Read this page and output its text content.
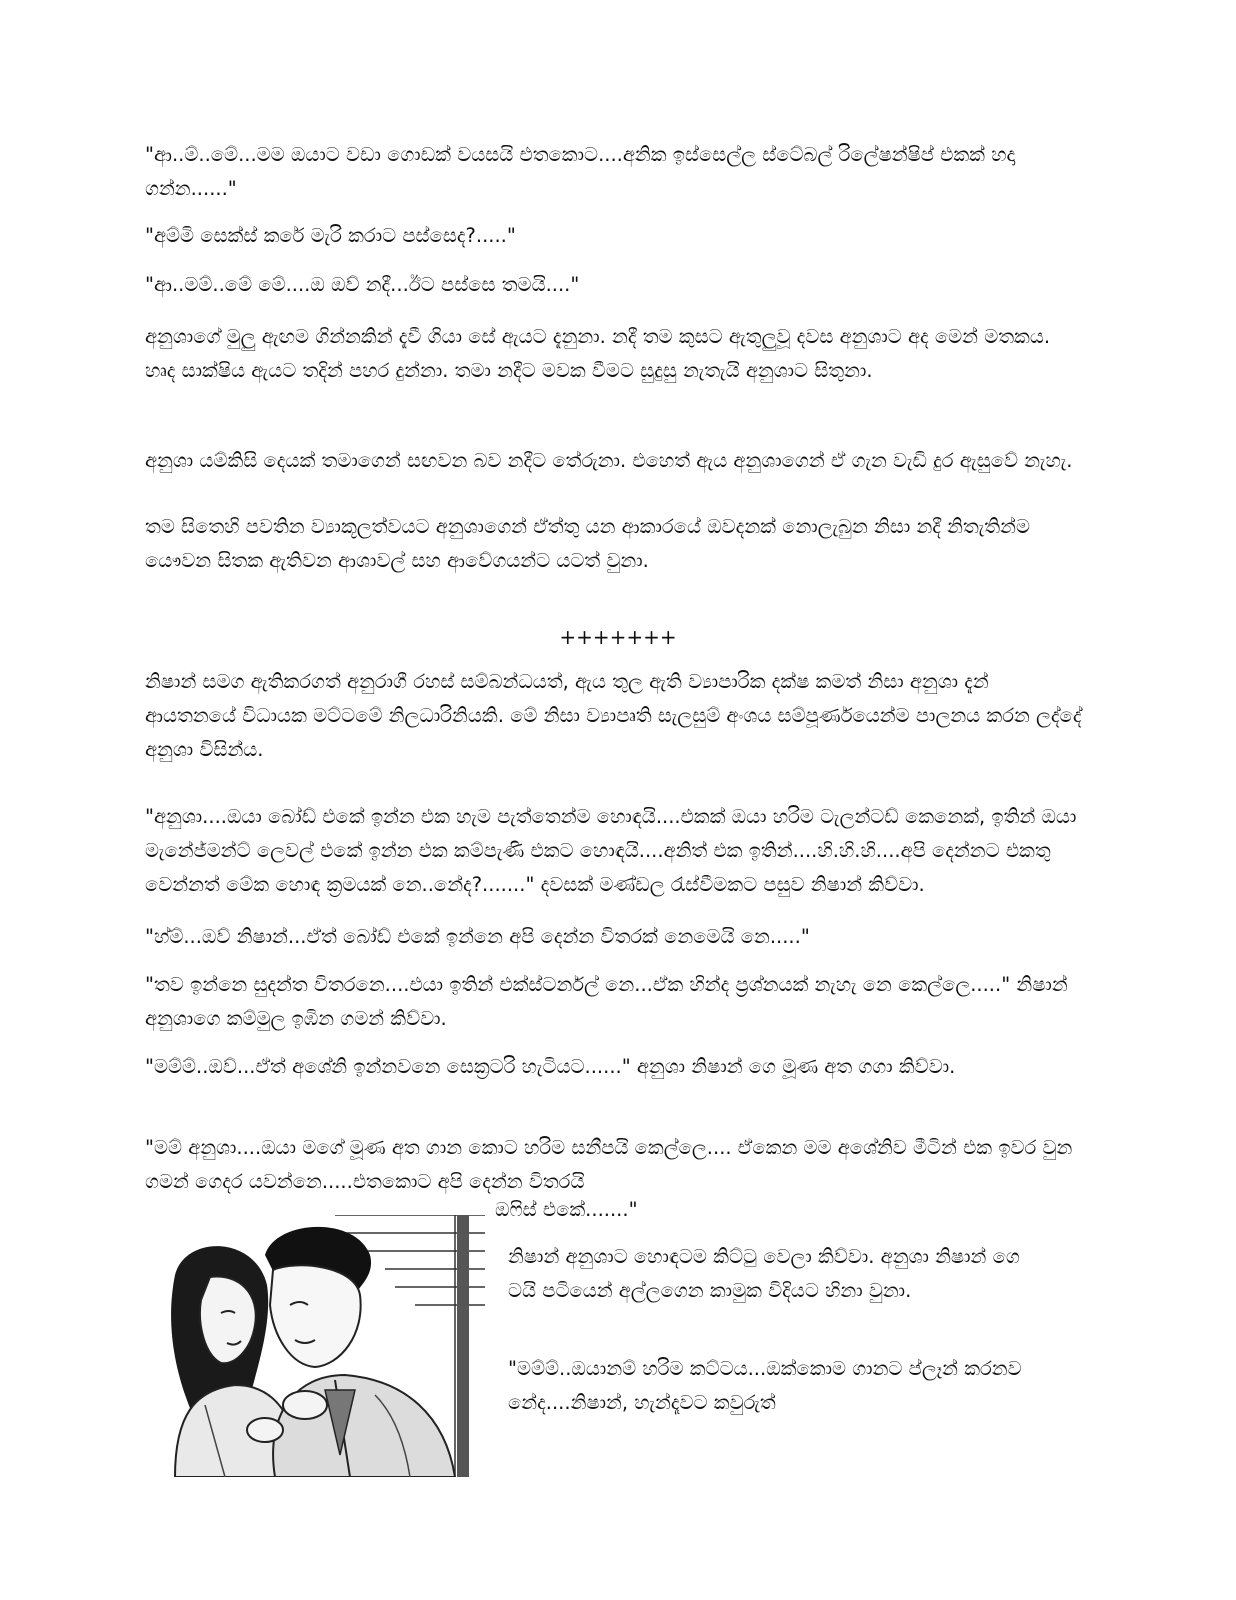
"ආ..ම්..මේ...මම ඔයාට වඩා ගොඩක් වයසයි එතකොට....අනික ඉස්සෙල්ල ස්ටේබල් රිලේෂන්ෂිප් එකක් හදා ගන්න......"

"අම්මි සෙක්ස් කරේ මැරි කරාට පස්සෙද?....."

"ආ..මම්..මේ මේ....ඔ ඔව් නදී...ඊට පස්සෙ තමයි...."

අනුශාගේ මුලු ඇඟම ගින්නකින් දැවී ගියා සේ ඇයට දැනුනා. නදී තම කුසට ඇතුලුවූ දවස අනුශාට අද මෙන් මතකය. හෘද සාක්ෂිය ඇයට තදින් පහර දුන්නා. තමා නදීට මවක වීමට සුදුසු නැතැයි අනුශාට සිතුනා.

අනුශා යම්කිසි දෙයක් තමාගෙන් සඟවන බව නදීට තේරුනා. එහෙත් ඇය අනුශාගෙන් ඒ ගැන වැඩි දුර ඇසුවේ නැහැ.

තම සිතෙහි පවතින ව්‍යාකූලත්වයට අනුශාගෙන් ඒත්තු යන ආකාරයේ ඔවදනක් නොලැබුන නිසා නදී නිතැතින්ම යෞවන සිතක ඇතිවන ආශාවල් සහ ආවේගයන්ට යටත් වුනා.

+++++++

නිෂාන් සමග ඇතිකරගත් අනුරාගී රහස් සම්බන්ධයත්, ඇය තුල ඇති ව්‍යාපාරික දක්ෂ කමත් නිසා අනුශා දැන් ආයතනයේ විධායක මට්ටමේ නිලධාරිනියකි. මේ නිසා ව්‍යාපෘති සැලසුම් අංශය සම්පූර්ණයෙන්ම පාලනය කරන ලද්දේ අනුශා විසින්ය.

"අනුශා....ඔයා බෝඩ් එකේ ඉන්න එක හැම පැත්තෙන්ම හොඳයි....එකක් ඔයා හරිම ටැලන්ටඩ් කෙනෙක්, ඉතින් ඔයා මැනේජ්මන්ට් ලෙවල් එකේ ඉන්න එක කම්පැණි එකට හොඳයි....අනිත් එක ඉතින්....හි.හි.හි....අපි දෙන්නට එකතු වෙන්නත් මේක හොඳ ක්‍රමයක් නෙ..නේද?......." දවසක් මණ්ඩල රැස්වීමකට පසුව නිෂාන් කිව්වා.

"හ්ම්...ඔව් නිෂාන්...ඒත් බෝඩ් එකේ ඉන්නෙ අපි දෙන්න විතරක් නෙමෙයි නෙ....."

"තව ඉන්නෙ සුදන්ත විතරනෙ....එයා ඉතින් එක්ස්ටර්නල් නෙ...ඒක හින්ද ප්‍රශ්නයක් නැහැ නෙ කෙල්ලෙ....." නිෂාන් අනුශාගෙ කම්මුල ඉඹින ගමන් කිව්වා.

"මම්ම්..ඔව්...ඒත් අශේනි ඉන්නවනෙ සෙක්‍රටරි හැටියට......" අනුශා නිෂාන් ගෙ මූණ අත ගගා කිව්වා.

"මම් අනුශා....ඔයා මගේ මූණ අත ගාන කොට හරිම සනීපයි කෙල්ලෙ.... ඒකෙන මම අශේනිව මීටින් එක ඉවර වුන ගමන් ගෙදර යවන්නෙ.....එතකොට අපි දෙන්න විතරයි

ඔෆිස් එකේ......."

නිෂාන් අනුශාට හොඳටම කිට්ටු වෙලා කිව්වා. අනුශා නිෂාන් ගෙ ටයි පටියෙන් අල්ලගෙන කාමුක විදියට හිනා වුනා.

"මම්ම්..ඔයානම් හරිම කට්ටය...ඔක්කොම ගානට ප්ලෑන් කරනව නේද....නිෂාන්, හැන්දෑවට කවුරුත්
